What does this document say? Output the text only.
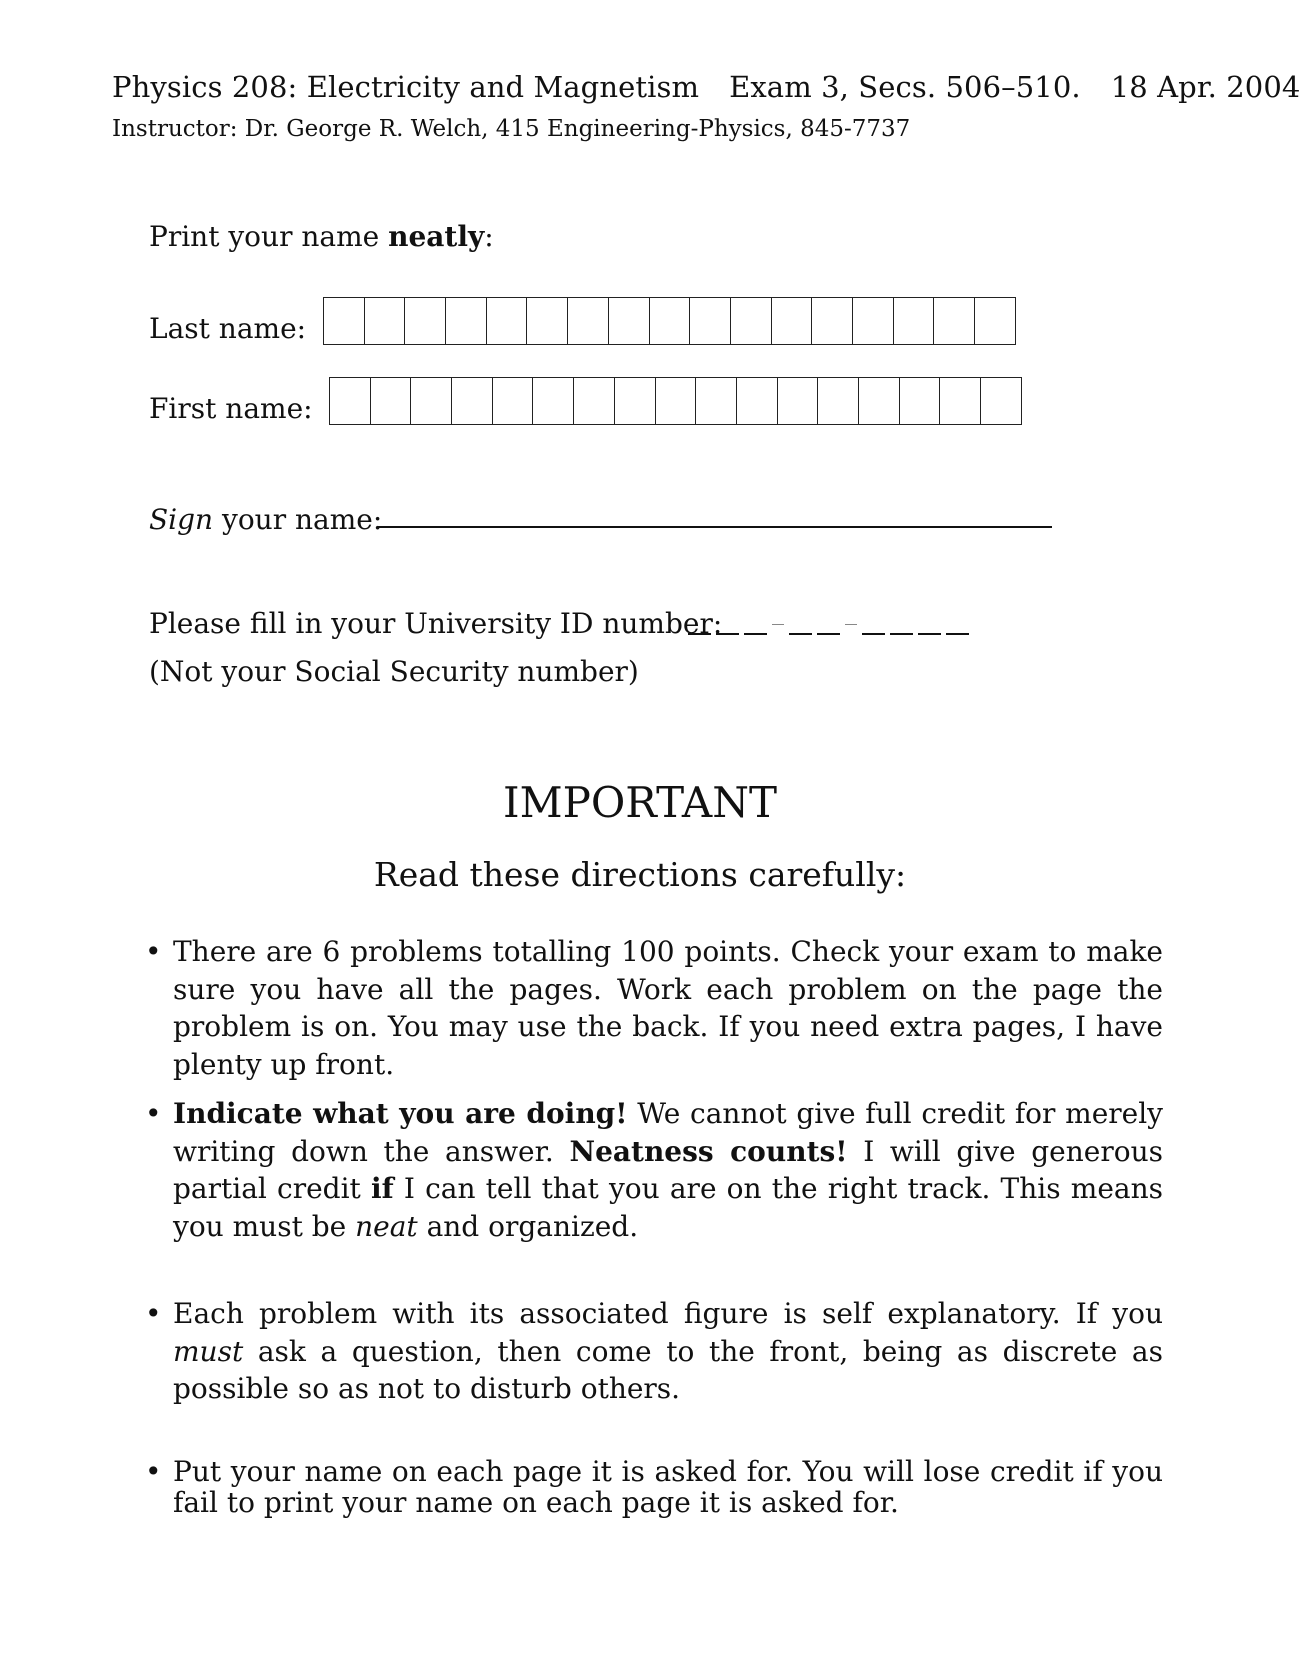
Physics 208: Electricity and Magnetism Exam 3, Secs. 506–510. 18 Apr. 2004
Instructor: Dr. George R. Welch, 415 Engineering-Physics, 845-7737
Print your name neatly:
Last name:
First name:
Sign your name:
Please fill in your University ID number:
(Not your Social Security number)
IMPORTANT
Read these directions carefully:
• There are 6 problems totalling 100 points. Check your exam to make sure you have all the pages. Work each problem on the page the problem is on. You may use the back. If you need extra pages, I have plenty up front.
• Indicate what you are doing! We cannot give full credit for merely writing down the answer. Neatness counts! I will give generous partial credit if I can tell that you are on the right track. This means you must be neat and organized.
• Each problem with its associated figure is self explanatory. If you must ask a question, then come to the front, being as discrete as possible so as not to disturb others.
• Put your name on each page it is asked for. You will lose credit if you fail to print your name on each page it is asked for.
